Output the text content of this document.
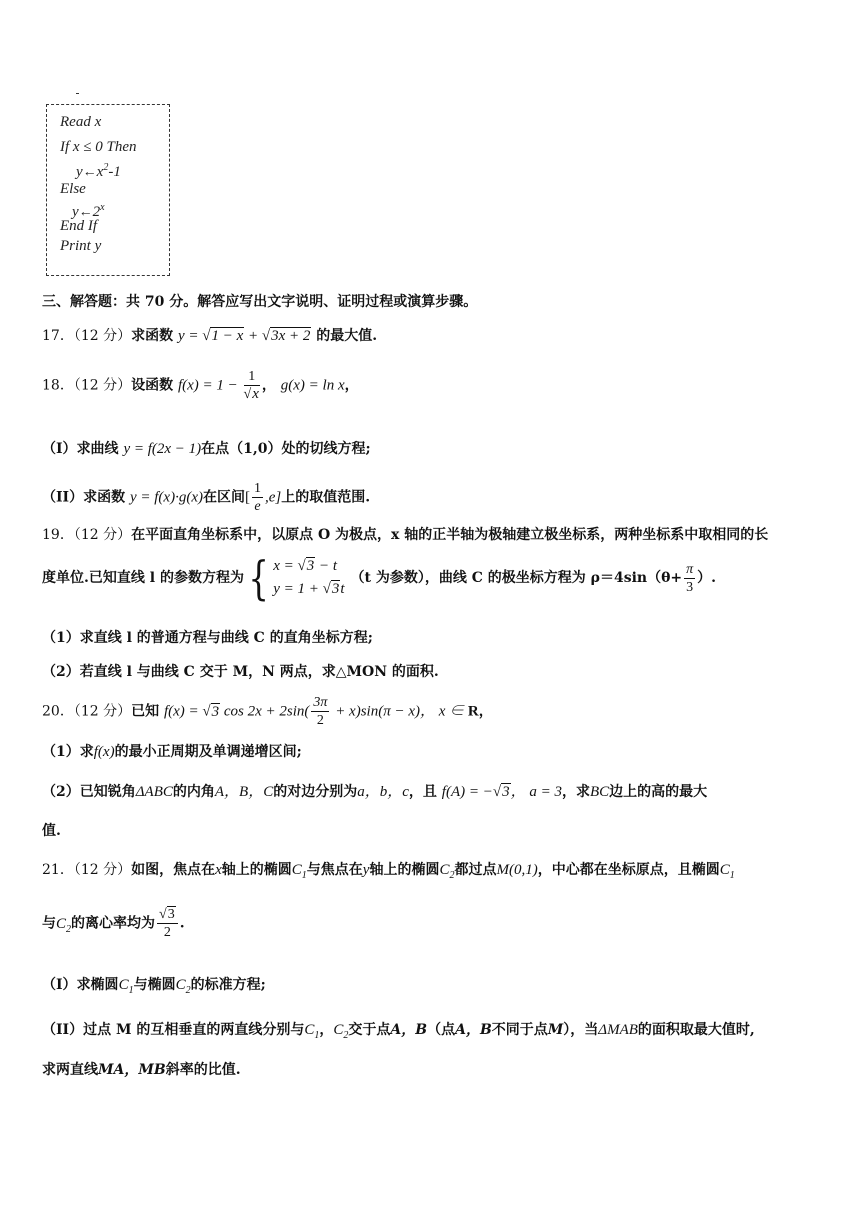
Read x
If x ≤ 0 Then
$y\leftarrow x^2-1$
Else
y←2$^x$
End If
Print y
三、解答题：共 70 分。解答应写出文字说明、证明过程或演算步骤。
17．（12 分）求函数 y = √1 − x + √3x + 2 的最大值.
18．（12 分）设函数 $f(x) = 1 - \frac{1}{√x}$ ， g(x) = ln x，
（I）求曲线 y = f(2x − 1)在点（1,0）处的切线方程;
（II）求函数 y = f(x)·g(x)在区间[ $\frac{1}{e} ,e$]上的取值范围.
19．（12 分）在平面直角坐标系中，以原点 O 为极点，x 轴的正半轴为极轴建立极坐标系，两种坐标系中取相同的长
度单位.已知直线 l 的参数方程为{ x = √3 − t
y = 1 + √3t
（t 为参数），曲线 C 的极坐标方程为 $\rho=4\sin(\theta+ \frac{\pi}{3}$ ）.
（1）求直线 l 的普通方程与曲线 C 的直角坐标方程;
（2）若直线 l 与曲线 C 交于 M，N 两点，求△MON 的面积.
20．（12 分）已知 f(x) = √3 $\cos 2x + 2\sin( \frac{3\pi}{2} + x)\sin(\pi - x)$， x ∈ R，
（1）求f(x)的最小正周期及单调递增区间;
（2）已知锐角ΔABC的内角A，B，C的对边分别为a，b，c，且 f(A) = −√3， a = 3，求BC边上的高的最大
值.
21．（12 分）如图，焦点在x轴上的椭圆$C_1$与焦点在y轴上的椭圆$C_2$都过点M(0,1)，中心都在坐标原点，且椭圆$C_1$
与$C_2$的离心率均为 $\frac{√3}{2}$ .
（I）求椭圆$C_1$与椭圆$C_2$的标准方程;
（II）过点 M 的互相垂直的两直线分别与$C_1$，$C_2$交于点A，B（点A，B不同于点M），当ΔMAB的面积取最大值时,
求两直线MA，MB斜率的比值.
